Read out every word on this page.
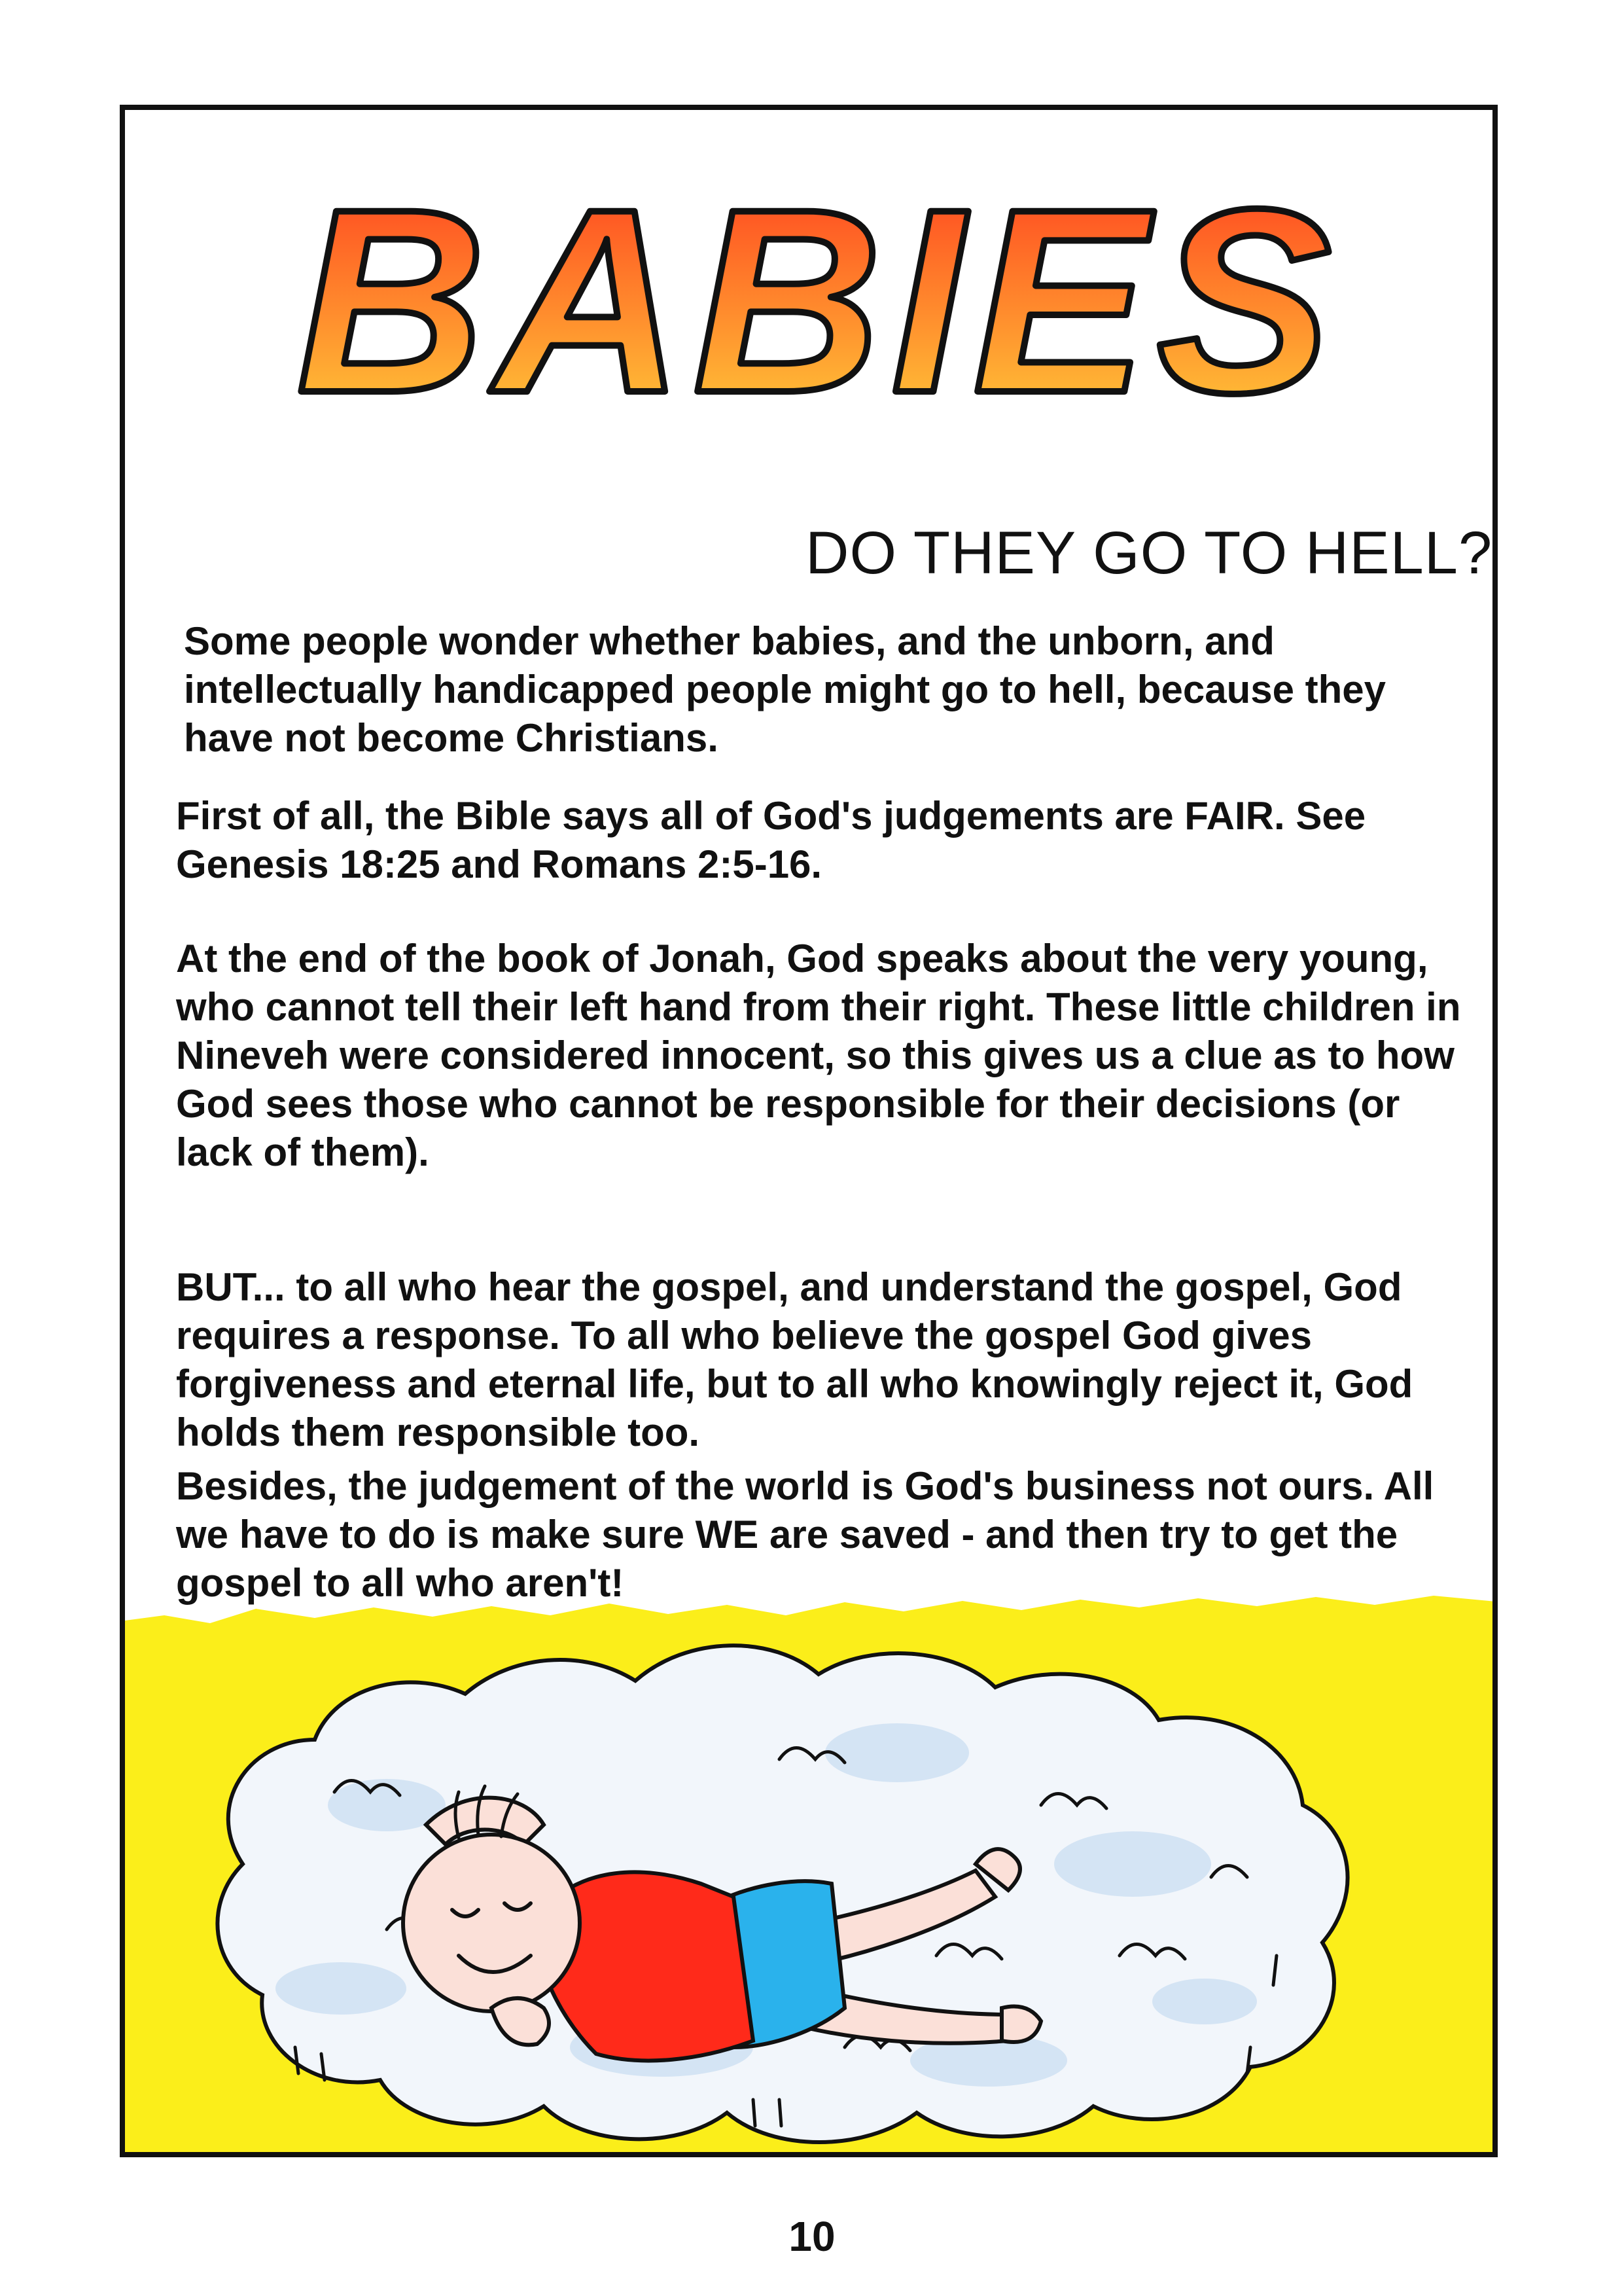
BABIES
DO THEY GO TO HELL?
Some people wonder whether babies, and the unborn, and intellectually handicapped people might go to hell, because they have not become Christians.
First of all, the Bible says all of God's judgements are FAIR. See Genesis 18:25 and Romans 2:5-16.
At the end of the book of Jonah, God speaks about the very young, who cannot tell their left hand from their right. These little children in Nineveh were considered innocent, so this gives us a clue as to how God sees those who cannot be responsible for their decisions (or lack of them).
BUT... to all who hear the gospel, and understand the gospel, God requires a response. To all who believe the gospel God gives forgiveness and eternal life, but to all who knowingly reject it, God holds them responsible too.
Besides, the judgement of the world is God's business not ours. All we have to do is make sure WE are saved - and then try to get the gospel to all who aren't!
10
